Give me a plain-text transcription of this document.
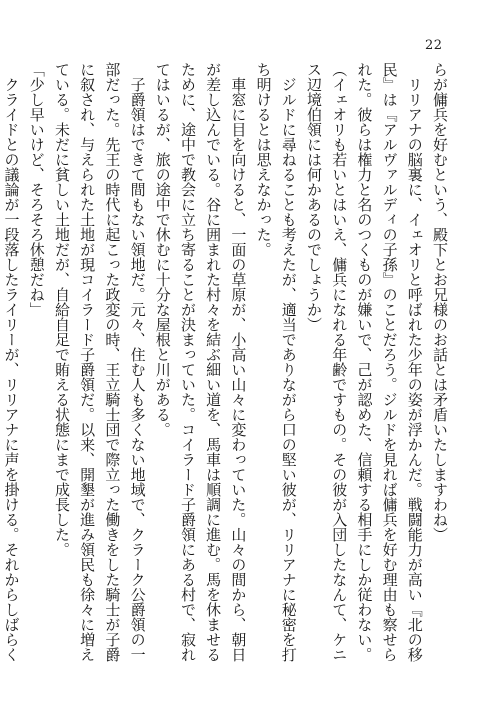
22
らが傭兵を好むという、殿下とお兄様のお話とは矛盾いたしますわね）
　リリアナの脳裏に、イェオリと呼ばれた少年の姿が浮かんだ。戦闘能力が高い『北の移
民』は『アルヴァルディの子孫』のことだろう。ジルドを見れば傭兵を好む理由も察せら
れた。彼らは権力と名のつくものが嫌いで、己が認めた、信頼する相手にしか従わない。
（イェオリも若いとはいえ、傭兵になれる年齢ですもの。その彼が入団したなんて、ケニ
ス辺境伯領には何かあるのでしょうか）
　ジルドに尋ねることも考えたが、適当でありながら口の堅い彼が、リリアナに秘密を打
ち明けるとは思えなかった。
　車窓に目を向けると、一面の草原が、小高い山々に変わっていた。山々の間から、朝日
が差し込んでいる。谷に囲まれた村々を結ぶ細い道を、馬車は順調に進む。馬を休ませる
ために、途中で教会に立ち寄ることが決まっていた。コイラード子爵領にある村で、寂れ
てはいるが、旅の途中で休むに十分な屋根と川がある。
　子爵領はできて間もない領地だ。元々、住む人も多くない地域で、クラーク公爵領の一
部だった。先王の時代に起こった政変の時、王立騎士団で際立った働きをした騎士が子爵
に叙され、与えられた土地が現コイラード子爵領だ。以来、開墾が進み領民も徐々に増え
ている。未だに貧しい土地だが、自給自足で賄える状態にまで成長した。
「少し早いけど、そろそろ休憩だね」
　クライドとの議論が一段落したライリーが、リリアナに声を掛ける。それからしばらく
